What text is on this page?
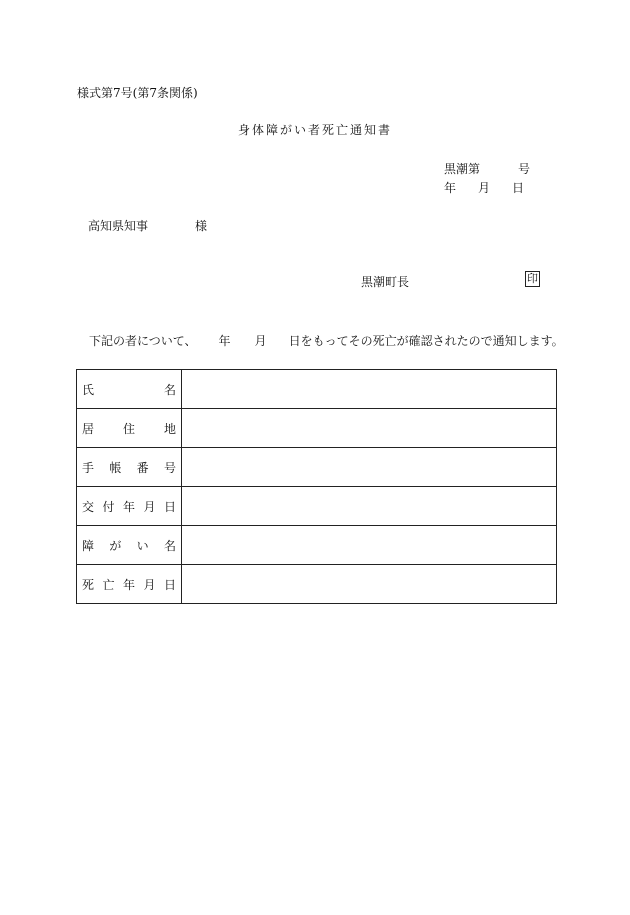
様式第7号(第7条関係)
身体障がい者死亡通知書
黒潮第	号
年 月 日
高知県知事	様
黒潮町長	印
下記の者について、 年 月 日をもってその死亡が確認されたので通知します。
氏 名	

居 住 地	

手 帳 番 号	

交 付 年 月 日	

障 が い 名	

死 亡 年 月 日	
